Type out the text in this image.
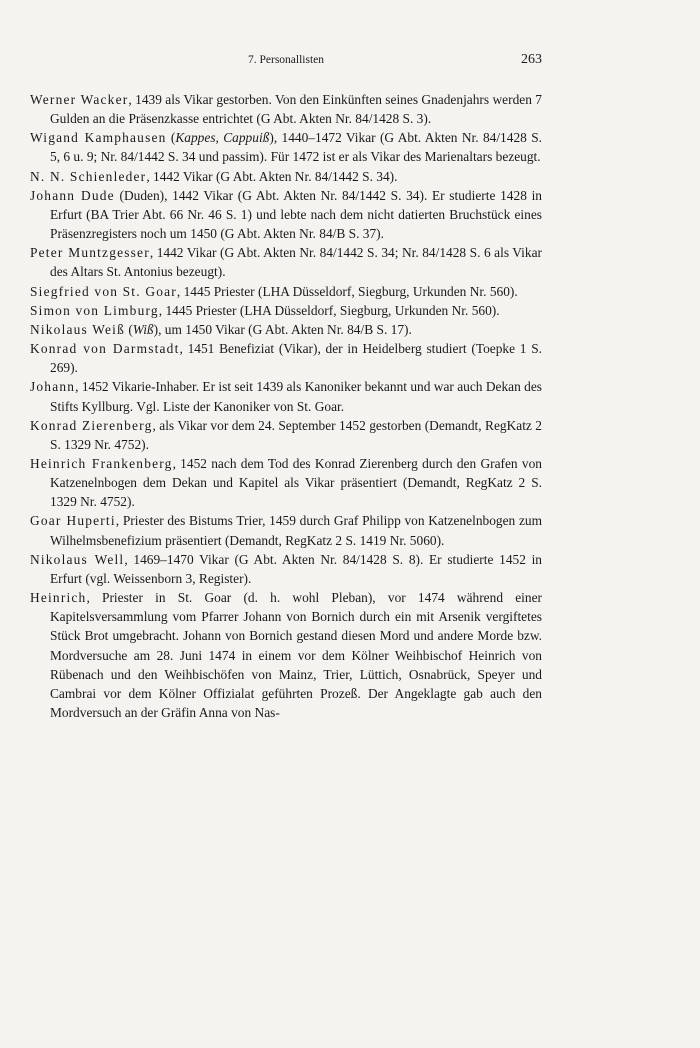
7. Personallisten	263

Werner Wacker, 1439 als Vikar gestorben. Von den Einkünften seines Gnadenjahrs werden 7 Gulden an die Präsenzkasse entrichtet (G Abt. Akten Nr. 84/1428 S. 3).

Wigand Kamphausen (Kappes, Cappuiß), 1440–1472 Vikar (G Abt. Akten Nr. 84/1428 S. 5, 6 u. 9; Nr. 84/1442 S. 34 und passim). Für 1472 ist er als Vikar des Marienaltars bezeugt.

N. N. Schienleder, 1442 Vikar (G Abt. Akten Nr. 84/1442 S. 34).

Johann Dude (Duden), 1442 Vikar (G Abt. Akten Nr. 84/1442 S. 34). Er studierte 1428 in Erfurt (BA Trier Abt. 66 Nr. 46 S. 1) und lebte nach dem nicht datierten Bruchstück eines Präsenzregisters noch um 1450 (G Abt. Akten Nr. 84/B S. 37).

Peter Muntzgesser, 1442 Vikar (G Abt. Akten Nr. 84/1442 S. 34; Nr. 84/1428 S. 6 als Vikar des Altars St. Antonius bezeugt).

Siegfried von St. Goar, 1445 Priester (LHA Düsseldorf, Siegburg, Urkunden Nr. 560).

Simon von Limburg, 1445 Priester (LHA Düsseldorf, Siegburg, Urkunden Nr. 560).

Nikolaus Weiß (Wiß), um 1450 Vikar (G Abt. Akten Nr. 84/B S. 17).

Konrad von Darmstadt, 1451 Benefiziat (Vikar), der in Heidelberg studiert (Toepke 1 S. 269).

Johann, 1452 Vikarie-Inhaber. Er ist seit 1439 als Kanoniker bekannt und war auch Dekan des Stifts Kyllburg. Vgl. Liste der Kanoniker von St. Goar.

Konrad Zierenberg, als Vikar vor dem 24. September 1452 gestorben (Demandt, RegKatz 2 S. 1329 Nr. 4752).

Heinrich Frankenberg, 1452 nach dem Tod des Konrad Zierenberg durch den Grafen von Katzenelnbogen dem Dekan und Kapitel als Vikar präsentiert (Demandt, RegKatz 2 S. 1329 Nr. 4752).

Goar Huperti, Priester des Bistums Trier, 1459 durch Graf Philipp von Katzenelnbogen zum Wilhelmsbenefizium präsentiert (Demandt, RegKatz 2 S. 1419 Nr. 5060).

Nikolaus Well, 1469–1470 Vikar (G Abt. Akten Nr. 84/1428 S. 8). Er studierte 1452 in Erfurt (vgl. Weissenborn 3, Register).

Heinrich, Priester in St. Goar (d. h. wohl Pleban), vor 1474 während einer Kapitelsversammlung vom Pfarrer Johann von Bornich durch ein mit Arsenik vergiftetes Stück Brot umgebracht. Johann von Bornich gestand diesen Mord und andere Morde bzw. Mordversuche am 28. Juni 1474 in einem vor dem Kölner Weihbischof Heinrich von Rübenach und den Weihbischöfen von Mainz, Trier, Lüttich, Osnabrück, Speyer und Cambrai vor dem Kölner Offizialat geführten Prozeß. Der Angeklagte gab auch den Mordversuch an der Gräfin Anna von Nas-
